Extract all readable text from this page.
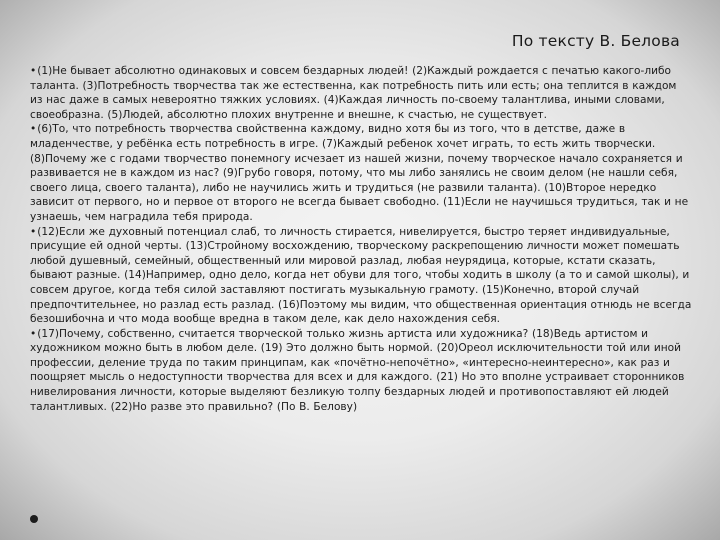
По тексту В. Белова

•(1)Не бывает абсолютно одинаковых и совсем бездарных людей! (2)Каждый рождается с печатью какого-либо таланта. (3)Потребность творчества так же естественна, как потребность пить или есть; она теплится в каждом из нас даже в самых невероятно тяжких условиях. (4)Каждая личность по-своему талантлива, иными словами, своеобразна. (5)Людей, абсолютно плохих внутренне и внешне, к счастью, не существует.

•(6)То, что потребность творчества свойственна каждому, видно хотя бы из того, что в детстве, даже в младенчестве, у ребёнка есть потребность в игре. (7)Каждый ребенок хочет играть, то есть жить творчески. (8)Почему же с годами творчество понемногу исчезает из нашей жизни, почему творческое начало сохраняется и развивается не в каждом из нас? (9)Грубо говоря, потому, что мы либо занялись не своим делом (не нашли себя, своего лица, своего таланта), либо не научились жить и трудиться (не развили таланта). (10)Второе нередко зависит от первого, но и первое от второго не всегда бывает свободно. (11)Если не научишься трудиться, так и не узнаешь, чем наградила тебя природа.

•(12)Если же духовный потенциал слаб, то личность стирается, нивелируется, быстро теряет индивидуальные, присущие ей одной черты. (13)Стройному восхождению, творческому раскрепощению личности может помешать любой душевный, семейный, общественный или мировой разлад, любая неурядица, которые, кстати сказать, бывают разные. (14)Например, одно дело, когда нет обуви для того, чтобы ходить в школу (а то и самой школы), и совсем другое, когда тебя силой заставляют постигать музыкальную грамоту. (15)Конечно, второй случай предпочтительнее, но разлад есть разлад. (16)Поэтому мы видим, что общественная ориентация отнюдь не всегда безошибочна и что мода вообще вредна в таком деле, как дело нахождения себя.

•(17)Почему, собственно, считается творческой только жизнь артиста или художника? (18)Ведь артистом и художником можно быть в любом деле. (19) Это должно быть нормой. (20)Ореол исключительности той или иной профессии, деление труда по таким принципам, как «почётно-непочётно», «интересно-неинтересно», как раз и поощряет мысль о недоступности творчества для всех и для каждого. (21) Но это вполне устраивает сторонников нивелирования личности, которые выделяют безликую толпу бездарных людей и противопоставляют ей людей талантливых. (22)Но разве это правильно? (По В. Белову)
